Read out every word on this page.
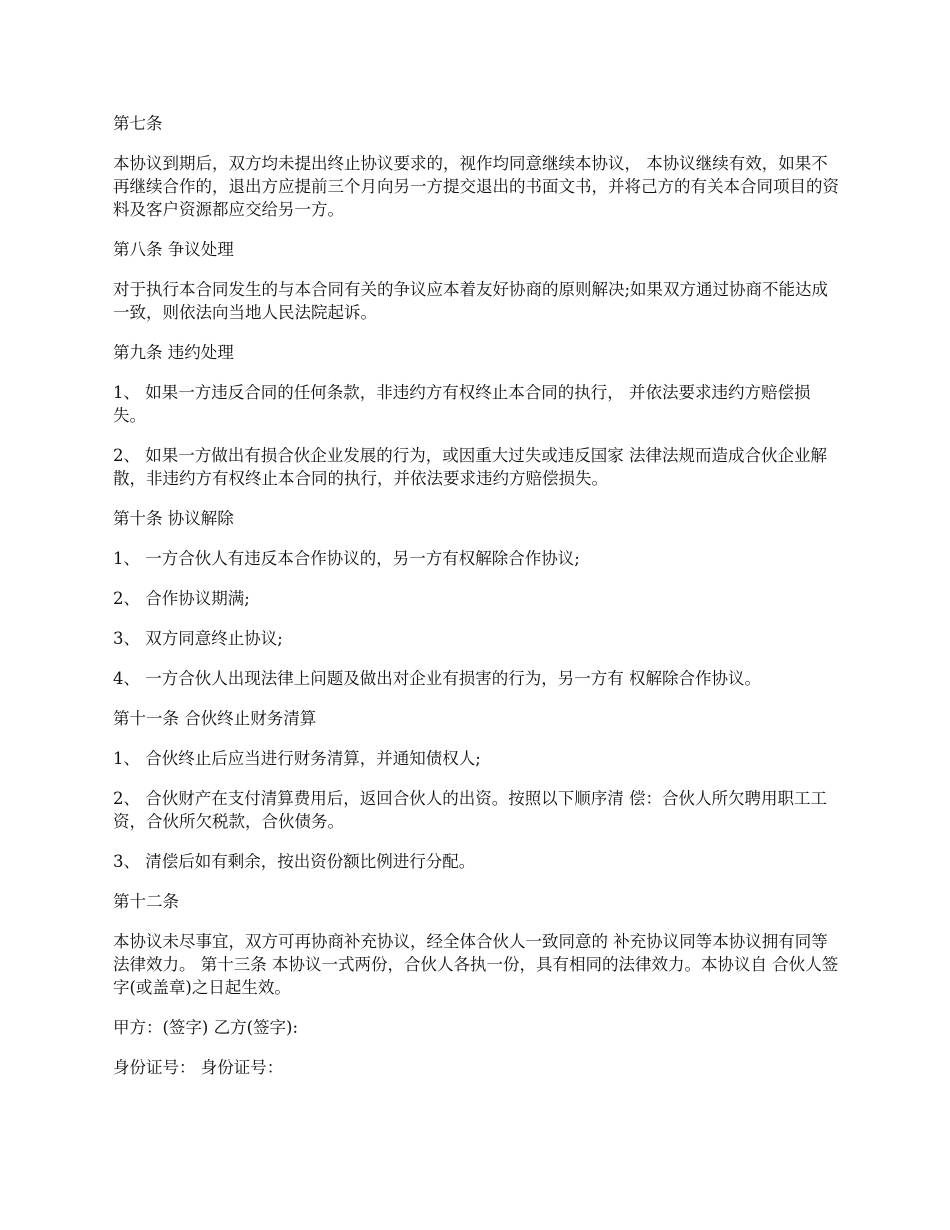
第七条

本协议到期后，双方均未提出终止协议要求的，视作均同意继续本协议， 本协议继续有效，如果不再继续合作的，退出方应提前三个月向另一方提交退出的书面文书，并将己方的有关本合同项目的资料及客户资源都应交给另一方。

第八条 争议处理

对于执行本合同发生的与本合同有关的争议应本着友好协商的原则解决;如果双方通过协商不能达成一致，则依法向当地人民法院起诉。

第九条 违约处理

1、 如果一方违反合同的任何条款，非违约方有权终止本合同的执行， 并依法要求违约方赔偿损失。

2、 如果一方做出有损合伙企业发展的行为，或因重大过失或违反国家 法律法规而造成合伙企业解散，非违约方有权终止本合同的执行，并依法要求违约方赔偿损失。

第十条 协议解除

1、 一方合伙人有违反本合作协议的，另一方有权解除合作协议;

2、 合作协议期满;

3、 双方同意终止协议;

4、 一方合伙人出现法律上问题及做出对企业有损害的行为，另一方有 权解除合作协议。

第十一条 合伙终止财务清算

1、 合伙终止后应当进行财务清算，并通知债权人;

2、 合伙财产在支付清算费用后，返回合伙人的出资。按照以下顺序清 偿：合伙人所欠聘用职工工资，合伙所欠税款，合伙债务。

3、 清偿后如有剩余，按出资份额比例进行分配。

第十二条

本协议未尽事宜，双方可再协商补充协议，经全体合伙人一致同意的 补充协议同等本协议拥有同等法律效力。 第十三条 本协议一式两份，合伙人各执一份，具有相同的法律效力。本协议自 合伙人签字(或盖章)之日起生效。

甲方：(签字) 乙方(签字):

身份证号： 身份证号：
